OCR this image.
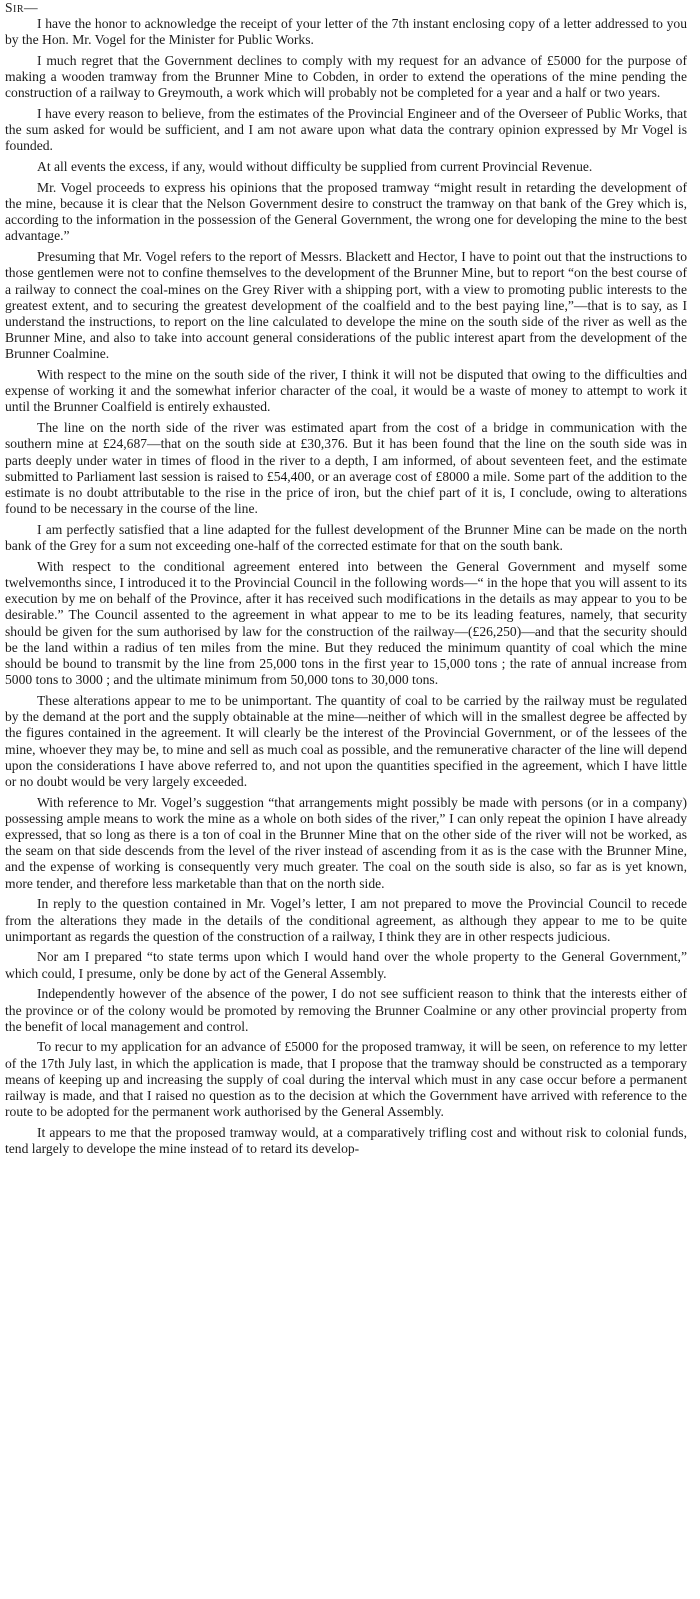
Sir—

I have the honor to acknowledge the receipt of your letter of the 7th instant enclosing copy of a letter addressed to you by the Hon. Mr. Vogel for the Minister for Public Works.

I much regret that the Government declines to comply with my request for an advance of £5000 for the purpose of making a wooden tramway from the Brunner Mine to Cobden, in order to extend the operations of the mine pending the construction of a railway to Greymouth, a work which will probably not be completed for a year and a half or two years.

I have every reason to believe, from the estimates of the Provincial Engineer and of the Overseer of Public Works, that the sum asked for would be sufficient, and I am not aware upon what data the contrary opinion expressed by Mr Vogel is founded.

At all events the excess, if any, would without difficulty be supplied from current Provincial Revenue.

Mr. Vogel proceeds to express his opinions that the proposed tramway “might result in retarding the development of the mine, because it is clear that the Nelson Government desire to construct the tramway on that bank of the Grey which is, according to the information in the possession of the General Government, the wrong one for developing the mine to the best advantage.”

Presuming that Mr. Vogel refers to the report of Messrs. Blackett and Hector, I have to point out that the instructions to those gentlemen were not to confine themselves to the development of the Brunner Mine, but to report “on the best course of a railway to connect the coal-mines on the Grey River with a shipping port, with a view to promoting public interests to the greatest extent, and to securing the greatest development of the coalfield and to the best paying line,”—that is to say, as I understand the instructions, to report on the line calculated to develope the mine on the south side of the river as well as the Brunner Mine, and also to take into account general considerations of the public interest apart from the development of the Brunner Coalmine.

With respect to the mine on the south side of the river, I think it will not be disputed that owing to the difficulties and expense of working it and the somewhat inferior character of the coal, it would be a waste of money to attempt to work it until the Brunner Coalfield is entirely exhausted.

The line on the north side of the river was estimated apart from the cost of a bridge in communication with the southern mine at £24,687—that on the south side at £30,376. But it has been found that the line on the south side was in parts deeply under water in times of flood in the river to a depth, I am informed, of about seventeen feet, and the estimate submitted to Parliament last session is raised to £54,400, or an average cost of £8000 a mile. Some part of the addition to the estimate is no doubt attributable to the rise in the price of iron, but the chief part of it is, I conclude, owing to alterations found to be necessary in the course of the line.

I am perfectly satisfied that a line adapted for the fullest development of the Brunner Mine can be made on the north bank of the Grey for a sum not exceeding one-half of the corrected estimate for that on the south bank.

With respect to the conditional agreement entered into between the General Government and myself some twelvemonths since, I introduced it to the Provincial Council in the following words—“ in the hope that you will assent to its execution by me on behalf of the Province, after it has received such modifications in the details as may appear to you to be desirable.” The Council assented to the agreement in what appear to me to be its leading features, namely, that security should be given for the sum authorised by law for the construction of the railway—(£26,250)—and that the security should be the land within a radius of ten miles from the mine. But they reduced the minimum quantity of coal which the mine should be bound to transmit by the line from 25,000 tons in the first year to 15,000 tons ; the rate of annual increase from 5000 tons to 3000 ; and the ultimate minimum from 50,000 tons to 30,000 tons.

These alterations appear to me to be unimportant. The quantity of coal to be carried by the railway must be regulated by the demand at the port and the supply obtainable at the mine—neither of which will in the smallest degree be affected by the figures contained in the agreement. It will clearly be the interest of the Provincial Government, or of the lessees of the mine, whoever they may be, to mine and sell as much coal as possible, and the remunerative character of the line will depend upon the considerations I have above referred to, and not upon the quantities specified in the agreement, which I have little or no doubt would be very largely exceeded.

With reference to Mr. Vogel’s suggestion “that arrangements might possibly be made with persons (or in a company) possessing ample means to work the mine as a whole on both sides of the river,” I can only repeat the opinion I have already expressed, that so long as there is a ton of coal in the Brunner Mine that on the other side of the river will not be worked, as the seam on that side descends from the level of the river instead of ascending from it as is the case with the Brunner Mine, and the expense of working is consequently very much greater. The coal on the south side is also, so far as is yet known, more tender, and therefore less marketable than that on the north side.

In reply to the question contained in Mr. Vogel’s letter, I am not prepared to move the Provincial Council to recede from the alterations they made in the details of the conditional agreement, as although they appear to me to be quite unimportant as regards the question of the construction of a railway, I think they are in other respects judicious.

Nor am I prepared “to state terms upon which I would hand over the whole property to the General Government,” which could, I presume, only be done by act of the General Assembly.

Independently however of the absence of the power, I do not see sufficient reason to think that the interests either of the province or of the colony would be promoted by removing the Brunner Coalmine or any other provincial property from the benefit of local management and control.

To recur to my application for an advance of £5000 for the proposed tramway, it will be seen, on reference to my letter of the 17th July last, in which the application is made, that I propose that the tramway should be constructed as a temporary means of keeping up and increasing the supply of coal during the interval which must in any case occur before a permanent railway is made, and that I raised no question as to the decision at which the Government have arrived with reference to the route to be adopted for the permanent work authorised by the General Assembly.

It appears to me that the proposed tramway would, at a comparatively trifling cost and without risk to colonial funds, tend largely to develope the mine instead of to retard its develop-
